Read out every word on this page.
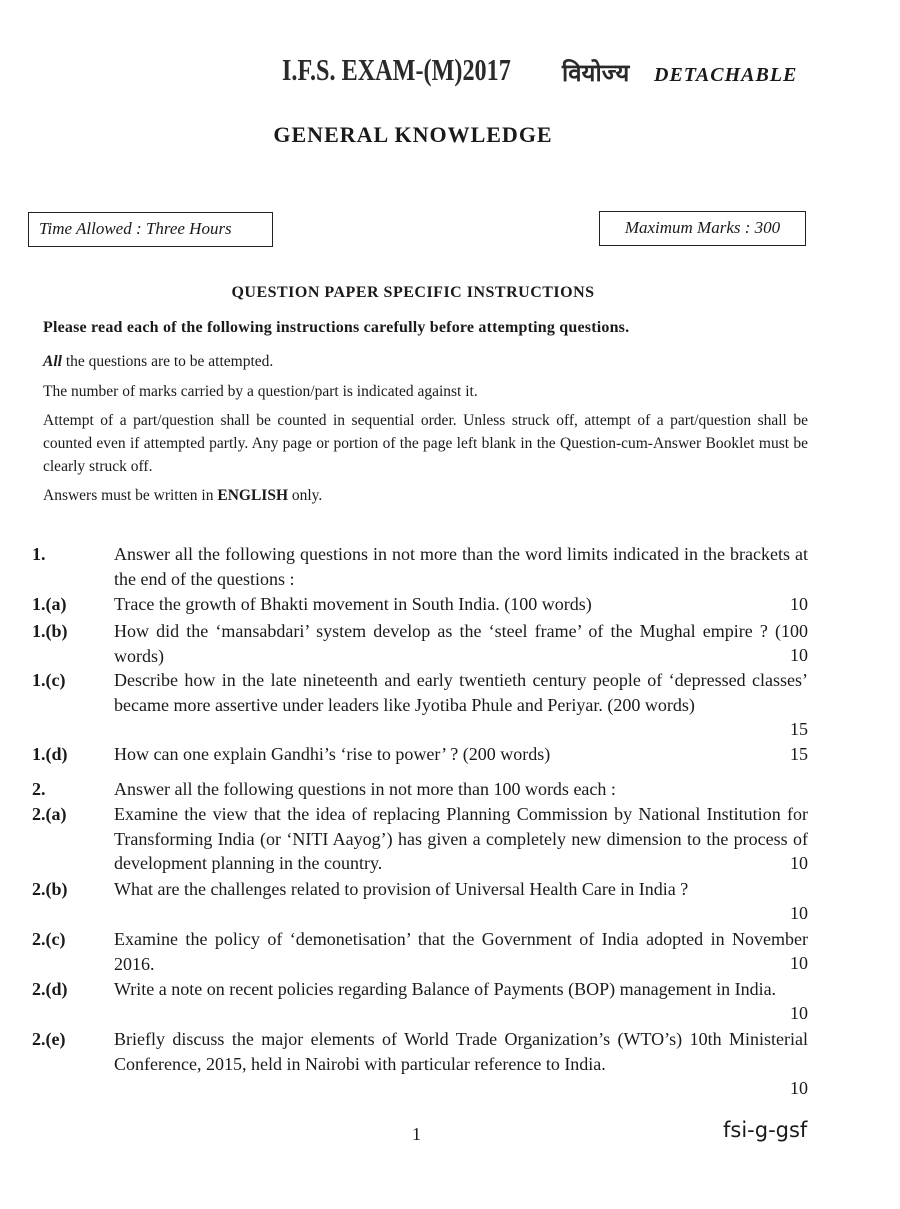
I.F.S. EXAM-(M)2017 वियोज्य DETACHABLE
GENERAL KNOWLEDGE
Time Allowed : Three Hours	Maximum Marks : 300
QUESTION PAPER SPECIFIC INSTRUCTIONS
Please read each of the following instructions carefully before attempting questions.
All the questions are to be attempted.
The number of marks carried by a question/part is indicated against it.
Attempt of a part/question shall be counted in sequential order. Unless struck off, attempt of a part/question shall be counted even if attempted partly. Any page or portion of the page left blank in the Question-cum-Answer Booklet must be clearly struck off.
Answers must be written in ENGLISH only.
1.	Answer all the following questions in not more than the word limits indicated in the brackets at the end of the questions :
1.(a)	Trace the growth of Bhakti movement in South India. (100 words)	10
1.(b)	How did the ‘mansabdari’ system develop as the ‘steel frame’ of the Mughal empire ? (100 words)	10
1.(c)	Describe how in the late nineteenth and early twentieth century people of ‘depressed classes’ became more assertive under leaders like Jyotiba Phule and Periyar. (200 words)
15
1.(d)	How can one explain Gandhi’s ‘rise to power’ ? (200 words)	15
2.	Answer all the following questions in not more than 100 words each :
2.(a)	Examine the view that the idea of replacing Planning Commission by National Institution for Transforming India (or ‘NITI Aayog’) has given a completely new dimension to the process of development planning in the country.	10
2.(b)	What are the challenges related to provision of Universal Health Care in India ?
10
2.(c)	Examine the policy of ‘demonetisation’ that the Government of India adopted in November 2016.	10
2.(d)	Write a note on recent policies regarding Balance of Payments (BOP) management in India.
10
2.(e)	Briefly discuss the major elements of World Trade Organization’s (WTO’s) 10th Ministerial Conference, 2015, held in Nairobi with particular reference to India.
10
1	fsi-g-gsf
